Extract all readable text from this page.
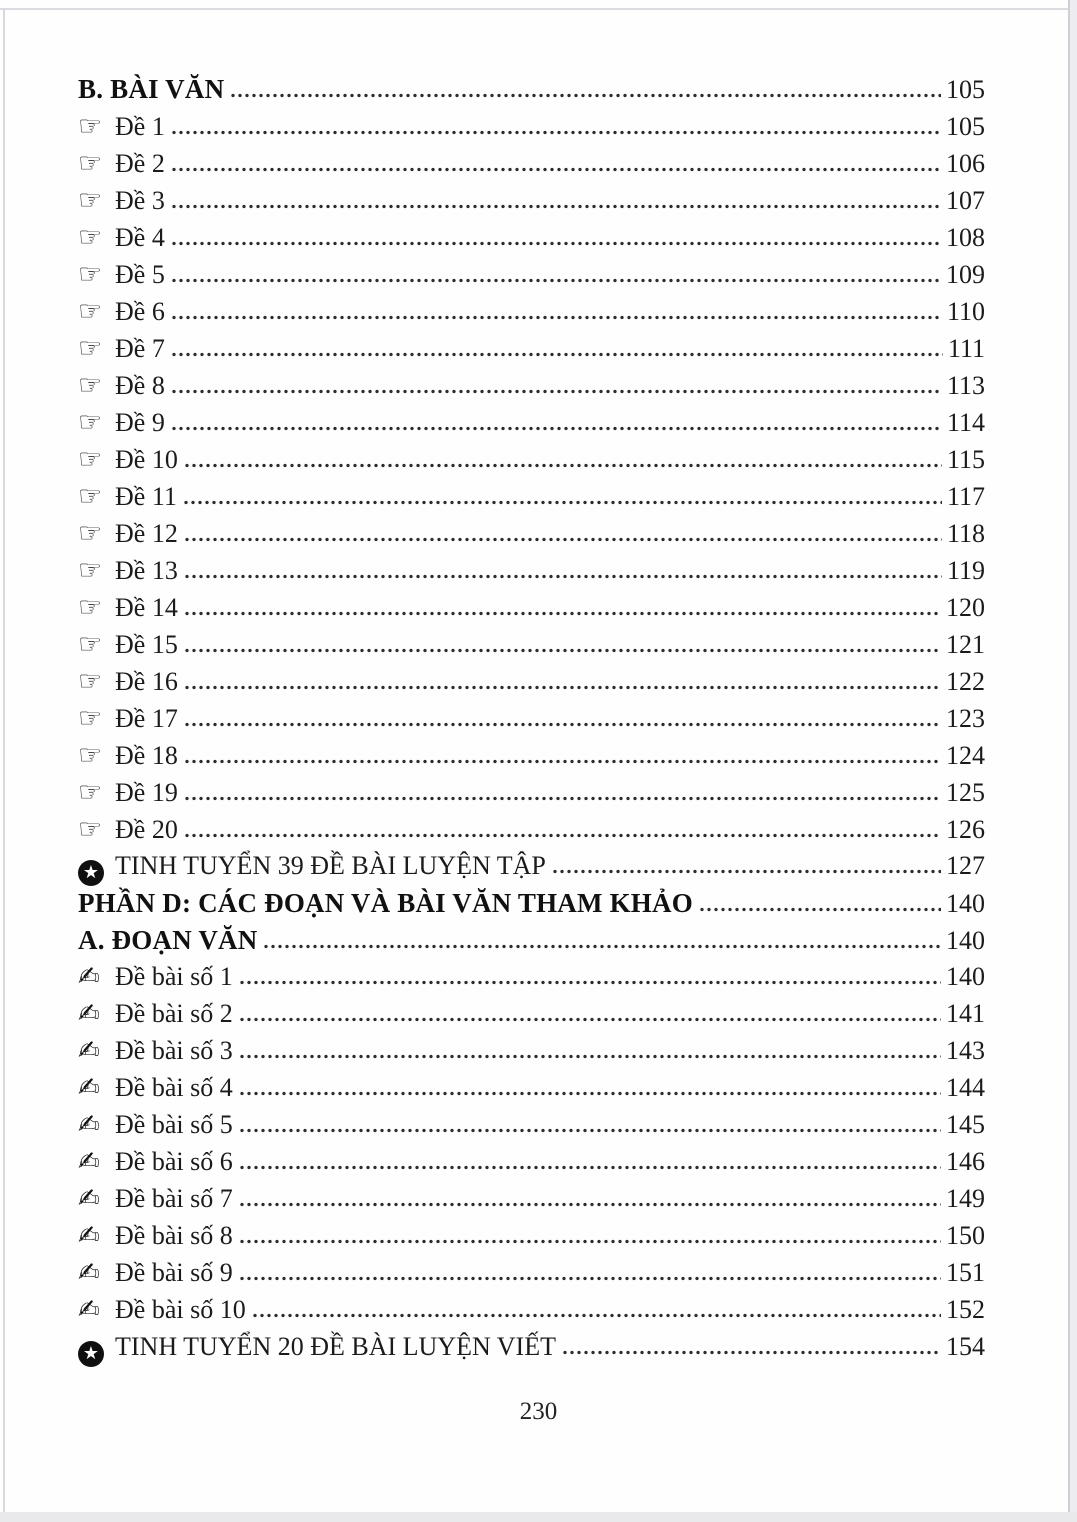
B. BÀI VĂN	105
☞ Đề 1	105
☞ Đề 2	106
☞ Đề 3	107
☞ Đề 4	108
☞ Đề 5	109
☞ Đề 6	110
☞ Đề 7	111
☞ Đề 8	113
☞ Đề 9	114
☞ Đề 10	115
☞ Đề 11	117
☞ Đề 12	118
☞ Đề 13	119
☞ Đề 14	120
☞ Đề 15	121
☞ Đề 16	122
☞ Đề 17	123
☞ Đề 18	124
☞ Đề 19	125
☞ Đề 20	126
★ TINH TUYỂN 39 ĐỀ BÀI LUYỆN TẬP	127
PHẦN D: CÁC ĐOẠN VÀ BÀI VĂN THAM KHẢO	140
A. ĐOẠN VĂN	140
✍ Đề bài số 1	140
✍ Đề bài số 2	141
✍ Đề bài số 3	143
✍ Đề bài số 4	144
✍ Đề bài số 5	145
✍ Đề bài số 6	146
✍ Đề bài số 7	149
✍ Đề bài số 8	150
✍ Đề bài số 9	151
✍ Đề bài số 10	152
★ TINH TUYỂN 20 ĐỀ BÀI LUYỆN VIẾT	154
230
